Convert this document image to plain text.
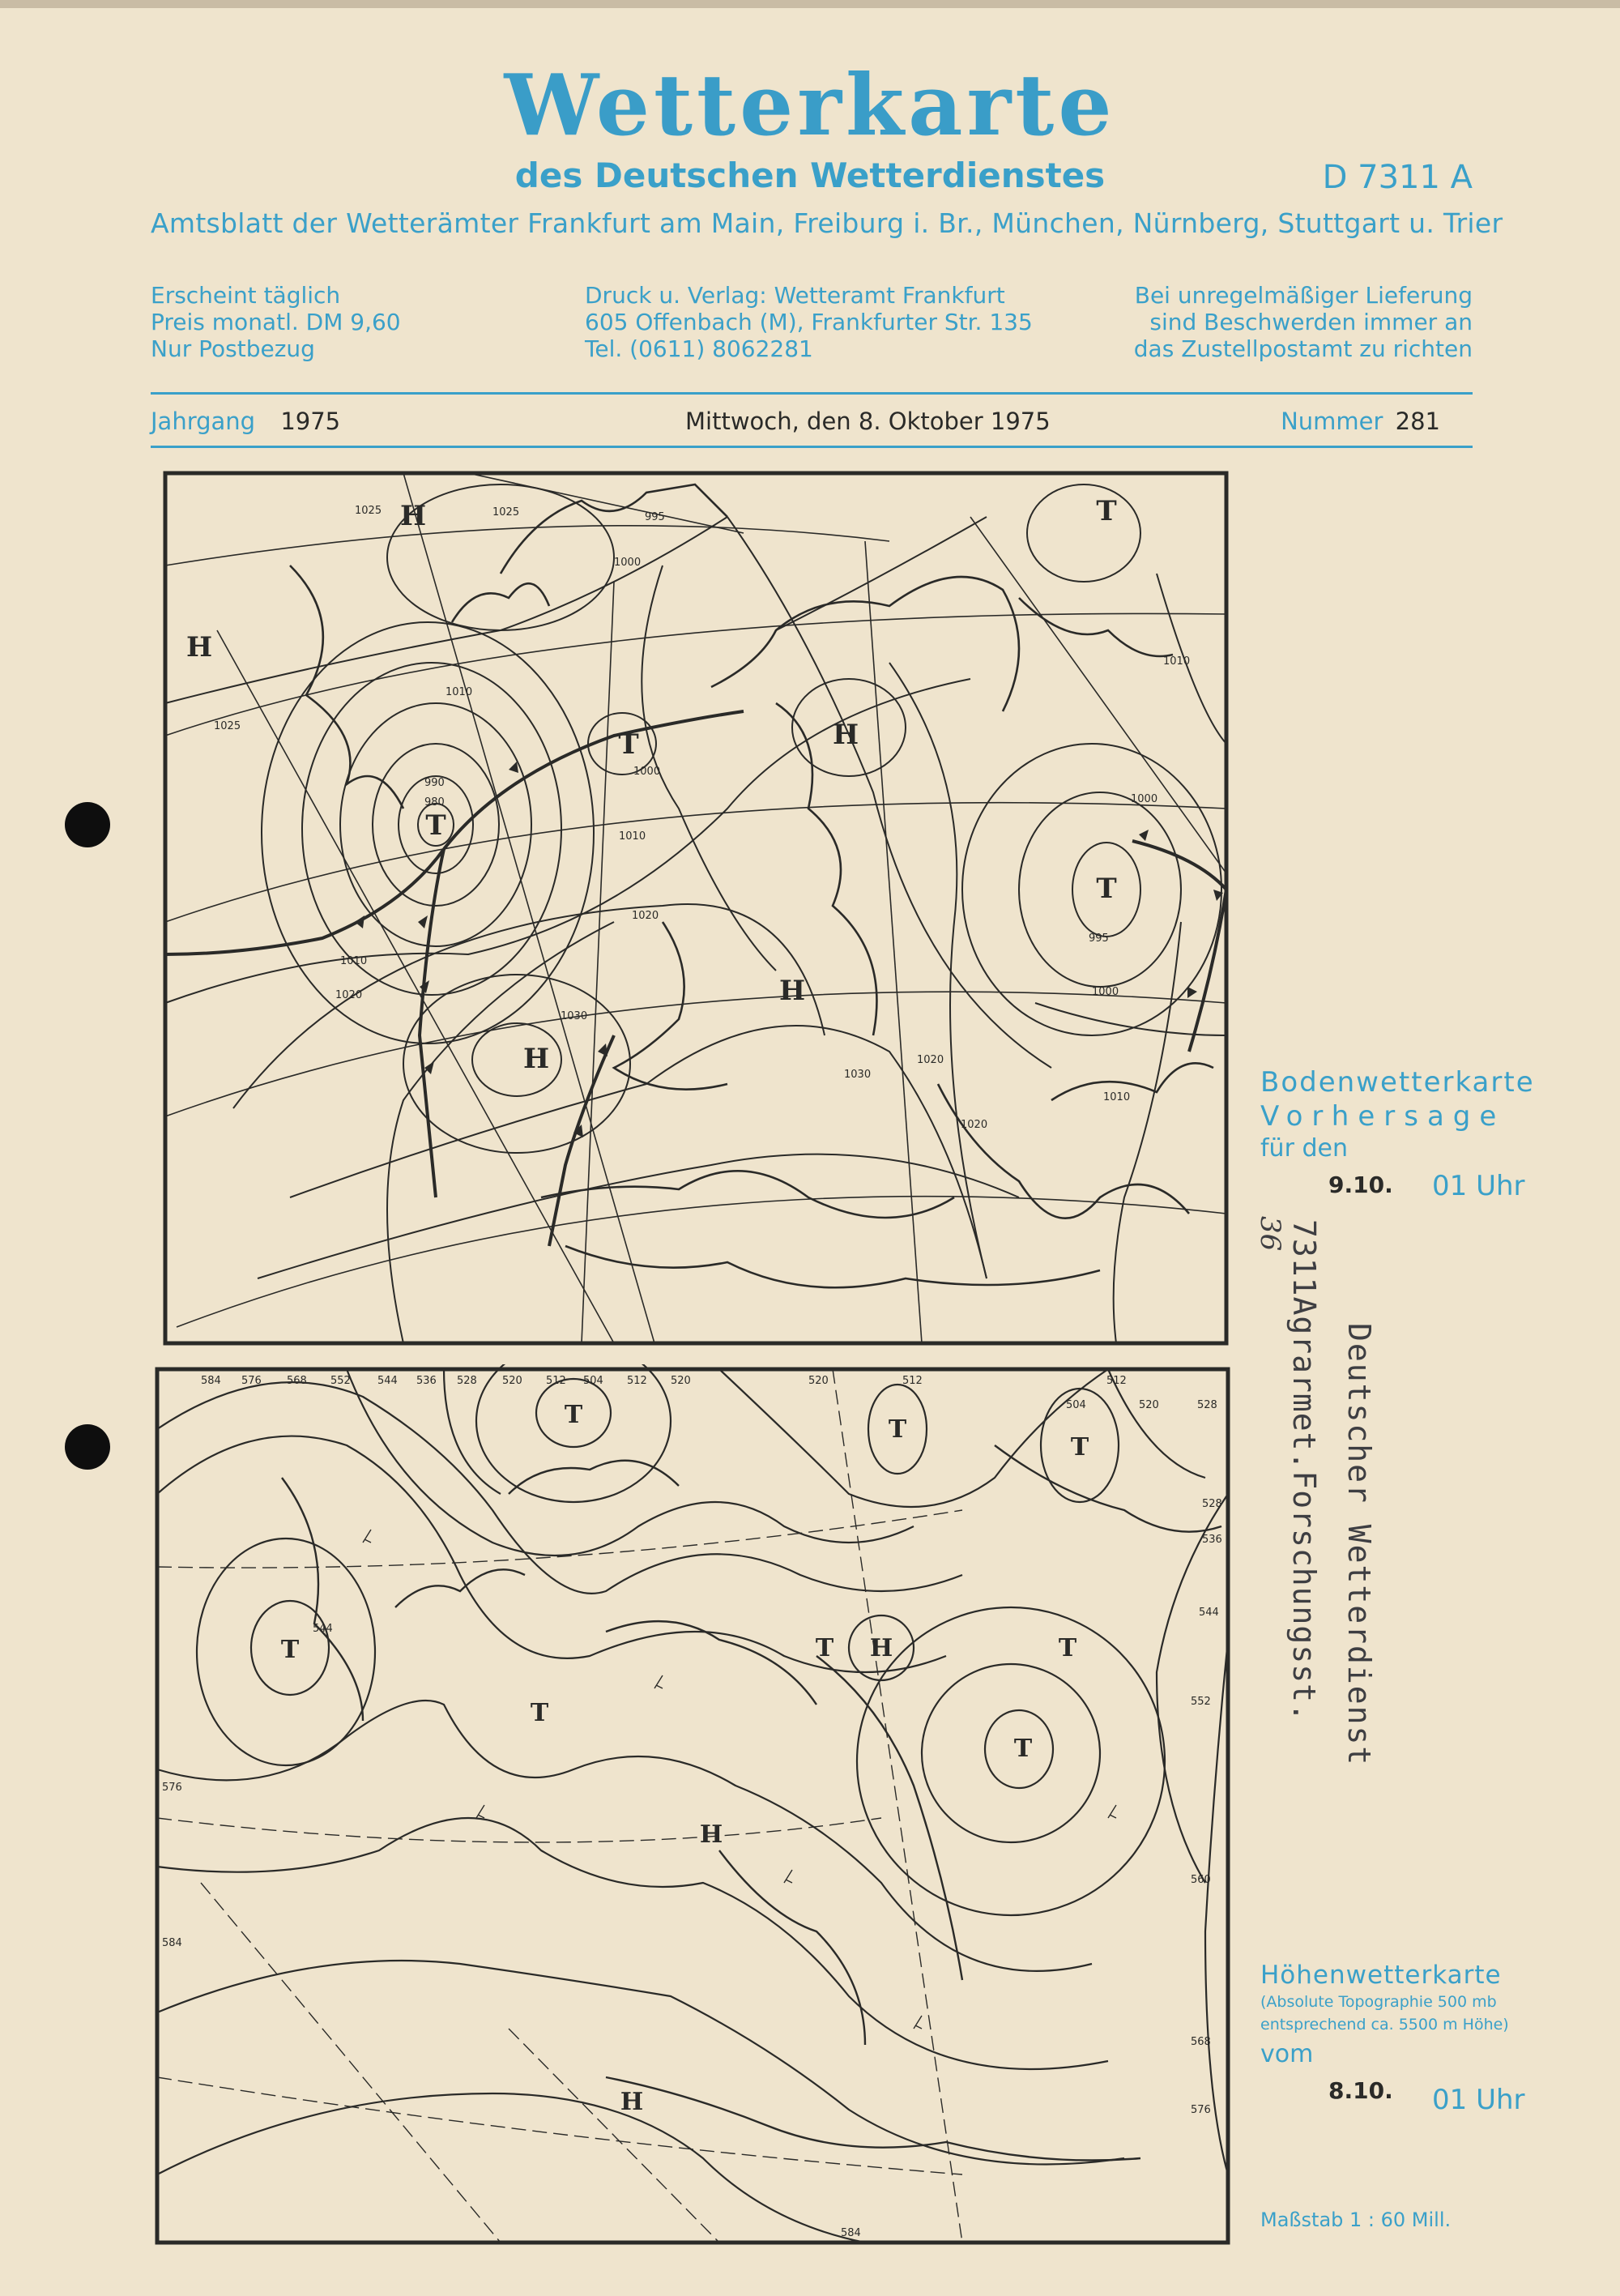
Wetterkarte
des Deutschen Wetterdienstes	D 7311 A
Amtsblatt der Wetterämter Frankfurt am Main, Freiburg i. Br., München, Nürnberg, Stuttgart u. Trier
Erscheint täglich
Preis monatl. DM 9,60
Nur Postbezug
Druck u. Verlag: Wetteramt Frankfurt
605 Offenbach (M), Frankfurter Str. 135
Tel. (0611) 8062281
Bei unregelmäßiger Lieferung
sind Beschwerden immer an
das Zustellpostamt zu richten
Jahrgang 1975	Mittwoch, den 8. Oktober 1975	Nummer 281
H
H
T
T	H
T
T
H
H
1025	1025	995
1000
1010
1025
990
980
1000
1010
1020
1010
1020
1030
1030
1020
1020
1000
995
1000
1010
1010
T
T
T
T
T
T H
T
H
H
T
584 576 568 552	544 536 528 520 512 504 512 520	520	512	512
504	520	528
528
536
544
552
560
568
576
576
584
584
544
Bodenwetterkarte
Vorhersage
für den
9.10. 01 Uhr
Höhenwetterkarte
(Absolute Topographie 500 mb
entsprechend ca. 5500 m Höhe)
vom
8.10. 01 Uhr
Maßstab 1 : 60 Mill.
Deutscher Wetterdienst
7311Agrarmet.Forschungsst.
36
